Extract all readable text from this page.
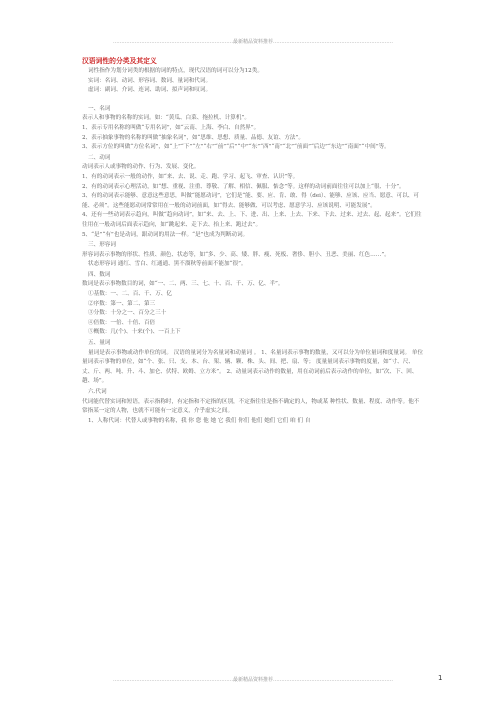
………………………………………………………………最新精品资料推荐………………………………………………………………
汉语词性的分类及其定义

词性指作为划分词类的根据的词的特点，现代汉语的词可以分为12类。

实词：名词、动词、形容词、数词、量词和代词。

虚词：副词、介词、连词、助词、拟声词和叹词。

一、名词

表示人和事物的名称的实词。如：“黄瓜、白菜、拖拉机、计算机”。

1、表示专用名称的叫做“专用名词”，如“云南、上海、李白、自然界”。

2、表示抽象事物的名称的叫做“抽象名词”，如“思维、思想、质量、品德、友谊、方法”。

3、表示方位的叫做“方位名词”，如“上”“下”“左”“右”“前”“后”“中”“东”“西”“南”“北”“前面”“后边”“东边”“南面”“中间”等。

二、动词

动词表示人或事物的动作、行为、发展、变化。

1、有的动词表示一般的动作，如“来、去、说、走、跑、学习、起飞、审查、认识”等。

2、有的动词表示心理活动，如“想、重视、注重、尊敬、了解、相信、佩服、惦念”等。这样的动词前面往往可以加上“很、十分”。

3、有的动词表示能够、意意这些意思，叫做“能愿动词”，它们是“能、要、应、肯、敢、得（dei）、能够、应该、应当、愿意、可以、可能、必须”。这些能愿动词常常用在一般的动词前面，如“得去、能够做、可以考虑、愿意学习、应该说明、可能发展”。

4、还有一些动词表示趋向，叫做“趋向动词”，如“来、去、上、下、进、出、上来、上去、下来、下去、过来、过去、起、起来”。它们往往用在一般动词后面表示趋向，如“跳起来、走下去、抬上来、跑过去”。

5、“是”“有”也是动词，跟动词的用法一样。“是”也成为判断动词。

三、形容词

形容词表示事物的形状、性质、颜色、状态等，如“多、少、高、矮、胖、瘦、死板、奢侈、胆小、丑恶、美丽、红色……”。

状态形容词 通红、雪白、红通通、黑不溜秋等前面不能加“很”。

四、数词

数词是表示事物数目的词，如“一、二、两、三、七、十、百、千、万、亿、半”。

①基数：一、二、百、千、万、亿

②序数：第一、第二、第三

③分数：十分之一、百分之三十

④倍数：一倍、十倍、百倍

⑤概数：几(个)、十来(个)、一百上下

五、量词

量词是表示事物或动作单位的词。 汉语的量词分为名量词和动量词 。 1、名量词表示事物的数量，又可以分为单位量词和度量词。 单位量词表示事物的单位，如“个、张、只、支、本、台、架、辆、颗、株、头、间、把、扇、等； 度量量词表示事物的度量，如“寸、尺、丈、斤、两、吨、升、斗、加仑、伏特、欧姆、立方米”。 2、动量词表示动作的数量，用在动词前后表示动作的单位，如“次、下、回、趟、场”。

六.代词

代词能代替实词和短语，表示指称时，有定指和不定指的区别，不定指往往是指不确定的人，物或某 种性状、数量、程度、动作等。他不常指某一定的人物，也就不可能有一定意义，介乎虚实之间。

1、人称代词：代替人或事物的名称，我 你 您 他 她 它 我们 你们 他们 她们 它们 咱 们 自

………………………………………………………………最新精品资料推荐………………………………………………………………	1
